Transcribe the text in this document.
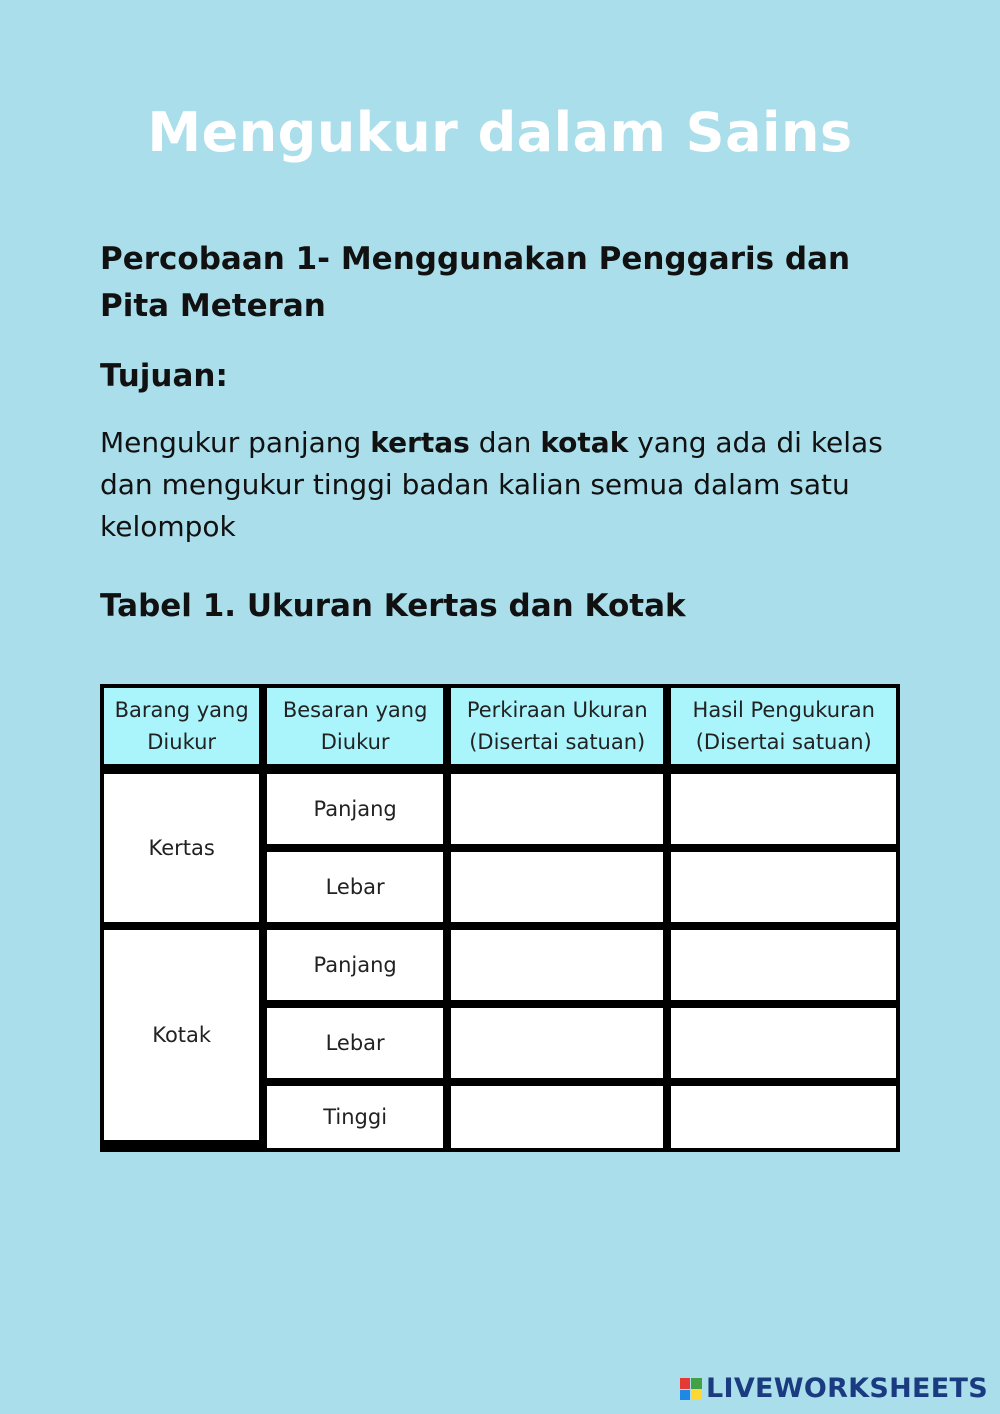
Mengukur dalam Sains
Percobaan 1- Menggunakan Penggaris dan Pita Meteran
Tujuan:
Mengukur panjang kertas dan kotak yang ada di kelas dan mengukur tinggi badan kalian semua dalam satu kelompok
Tabel 1. Ukuran Kertas dan Kotak
Barang yang Diukur	Besaran yang Diukur	Perkiraan Ukuran (Disertai satuan)	Hasil Pengukuran (Disertai satuan)
Kertas	Panjang		
	Lebar		
Kotak	Panjang		
	Lebar		
	Tinggi		
LIVEWORKSHEETS
